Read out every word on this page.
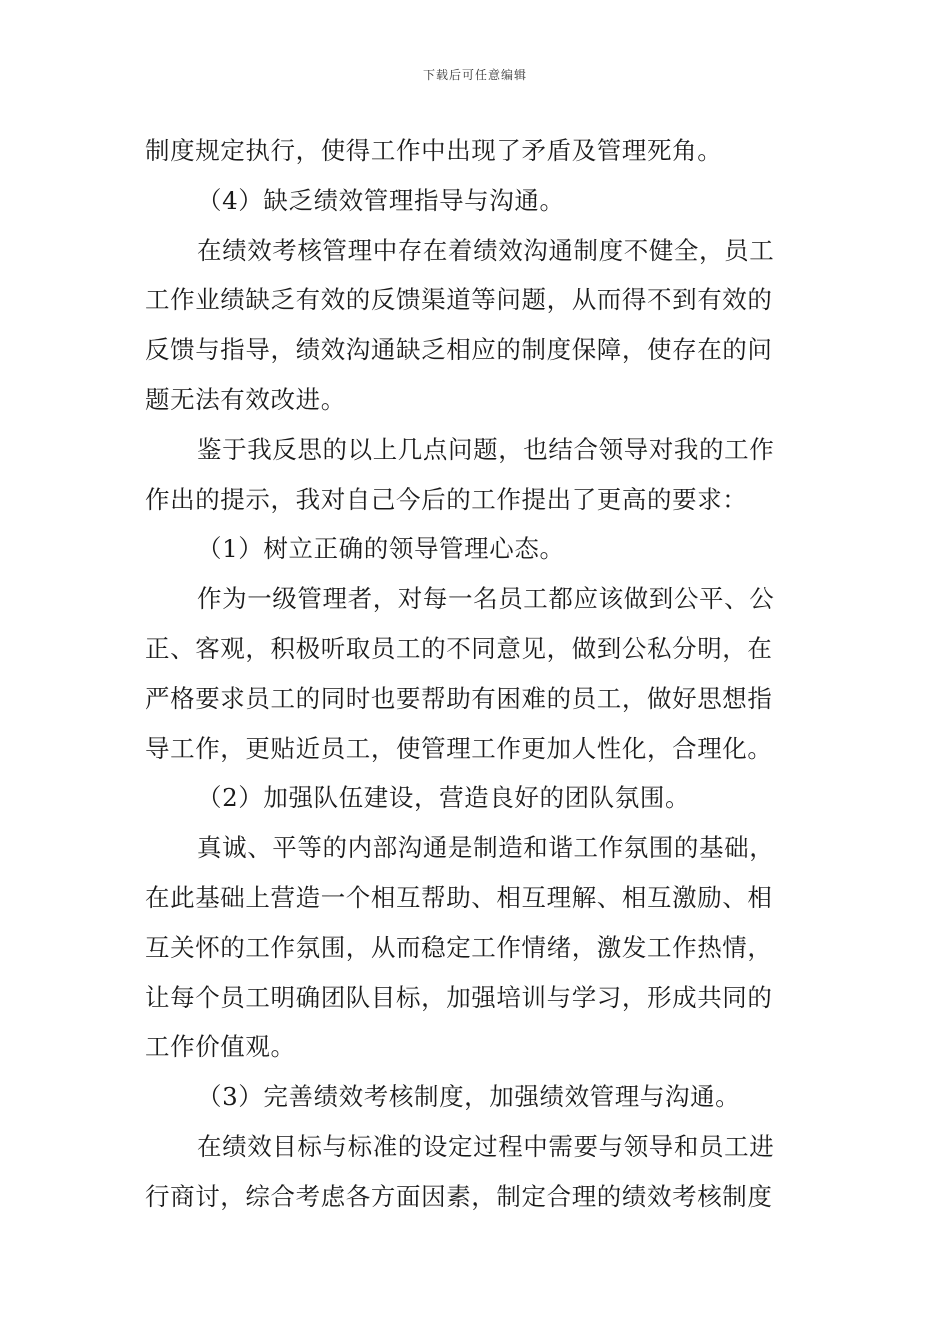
下载后可任意编辑
制度规定执行，使得工作中出现了矛盾及管理死角。
（4）缺乏绩效管理指导与沟通。
在绩效考核管理中存在着绩效沟通制度不健全，员工
工作业绩缺乏有效的反馈渠道等问题，从而得不到有效的
反馈与指导，绩效沟通缺乏相应的制度保障，使存在的问
题无法有效改进。
鉴于我反思的以上几点问题，也结合领导对我的工作
作出的提示，我对自己今后的工作提出了更高的要求：
（1）树立正确的领导管理心态。
作为一级管理者，对每一名员工都应该做到公平、公
正、客观，积极听取员工的不同意见，做到公私分明，在
严格要求员工的同时也要帮助有困难的员工，做好思想指
导工作，更贴近员工，使管理工作更加人性化，合理化。
（2）加强队伍建设，营造良好的团队氛围。
真诚、平等的内部沟通是制造和谐工作氛围的基础，
在此基础上营造一个相互帮助、相互理解、相互激励、相
互关怀的工作氛围，从而稳定工作情绪，激发工作热情，
让每个员工明确团队目标，加强培训与学习，形成共同的
工作价值观。
（3）完善绩效考核制度，加强绩效管理与沟通。
在绩效目标与标准的设定过程中需要与领导和员工进
行商讨，综合考虑各方面因素，制定合理的绩效考核制度
